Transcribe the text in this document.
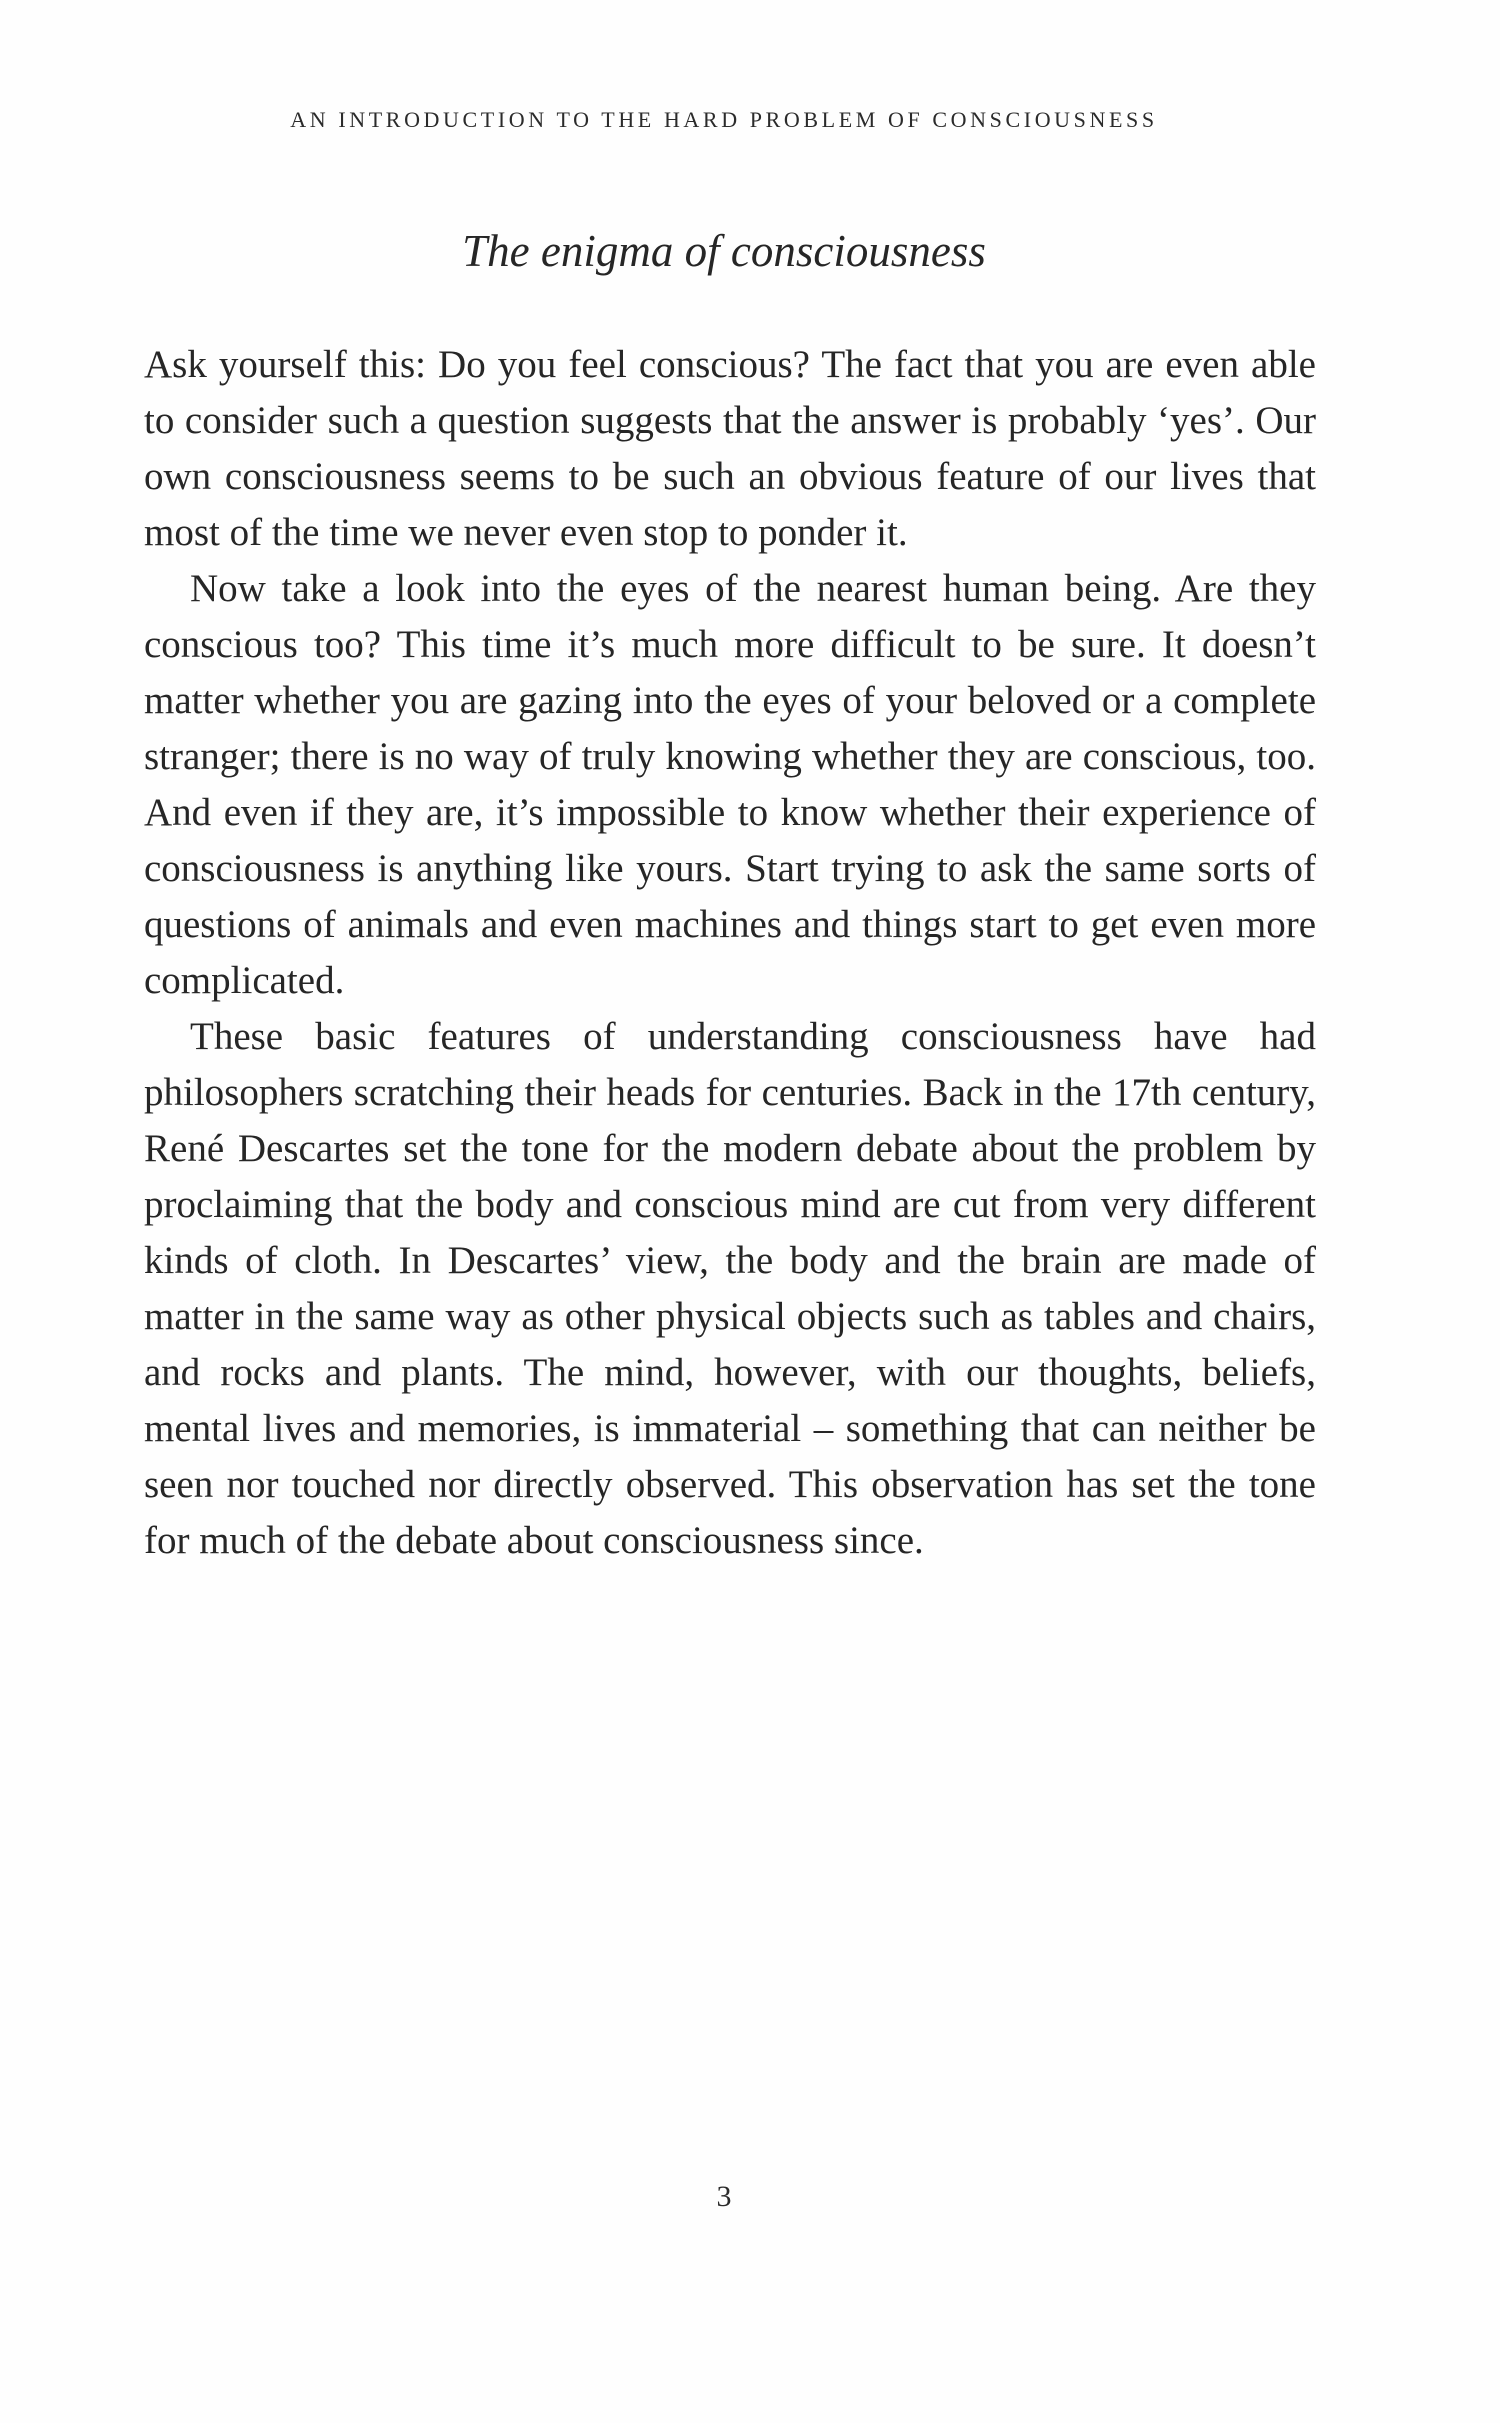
AN INTRODUCTION TO THE HARD PROBLEM OF CONSCIOUSNESS
The enigma of consciousness

Ask yourself this: Do you feel conscious? The fact that you are even able to consider such a question suggests that the answer is probably ‘yes’. Our own consciousness seems to be such an obvious feature of our lives that most of the time we never even stop to ponder it.

Now take a look into the eyes of the nearest human being. Are they conscious too? This time it’s much more difficult to be sure. It doesn’t matter whether you are gazing into the eyes of your beloved or a complete stranger; there is no way of truly knowing whether they are conscious, too. And even if they are, it’s impossible to know whether their experience of consciousness is anything like yours. Start trying to ask the same sorts of questions of animals and even machines and things start to get even more complicated.

These basic features of understanding consciousness have had philosophers scratching their heads for centuries. Back in the 17th century, René Descartes set the tone for the modern debate about the problem by proclaiming that the body and conscious mind are cut from very different kinds of cloth. In Descartes’ view, the body and the brain are made of matter in the same way as other physical objects such as tables and chairs, and rocks and plants. The mind, however, with our thoughts, beliefs, mental lives and memories, is immaterial – something that can neither be seen nor touched nor directly observed. This observation has set the tone for much of the debate about consciousness since.

3
